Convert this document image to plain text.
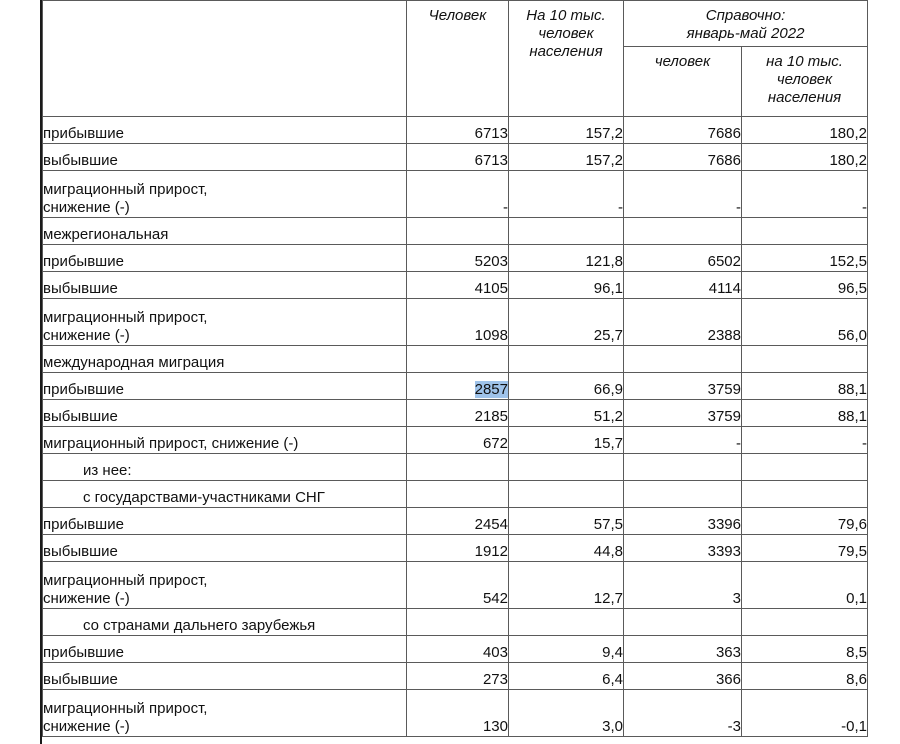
	Человек	На 10 тыс. человек населения	Справочно: январь-май 2022	

			человек	на 10 тыс. человек населения

прибывшие	6713	157,2	7686	180,2
выбывшие	6713	157,2	7686	180,2
миграционный прирост, снижение (-)	-	-	-	-
межрегиональная				
прибывшие	5203	121,8	6502	152,5
выбывшие	4105	96,1	4114	96,5
миграционный прирост, снижение (-)	1098	25,7	2388	56,0
международная миграция				
прибывшие	2857	66,9	3759	88,1
выбывшие	2185	51,2	3759	88,1
миграционный прирост, снижение (-)	672	15,7	-	-
из нее:				
с государствами-участниками СНГ				
прибывшие	2454	57,5	3396	79,6
выбывшие	1912	44,8	3393	79,5
миграционный прирост, снижение (-)	542	12,7	3	0,1
со странами дальнего зарубежья				
прибывшие	403	9,4	363	8,5
выбывшие	273	6,4	366	8,6
миграционный прирост, снижение (-)	130	3,0	-3	-0,1
